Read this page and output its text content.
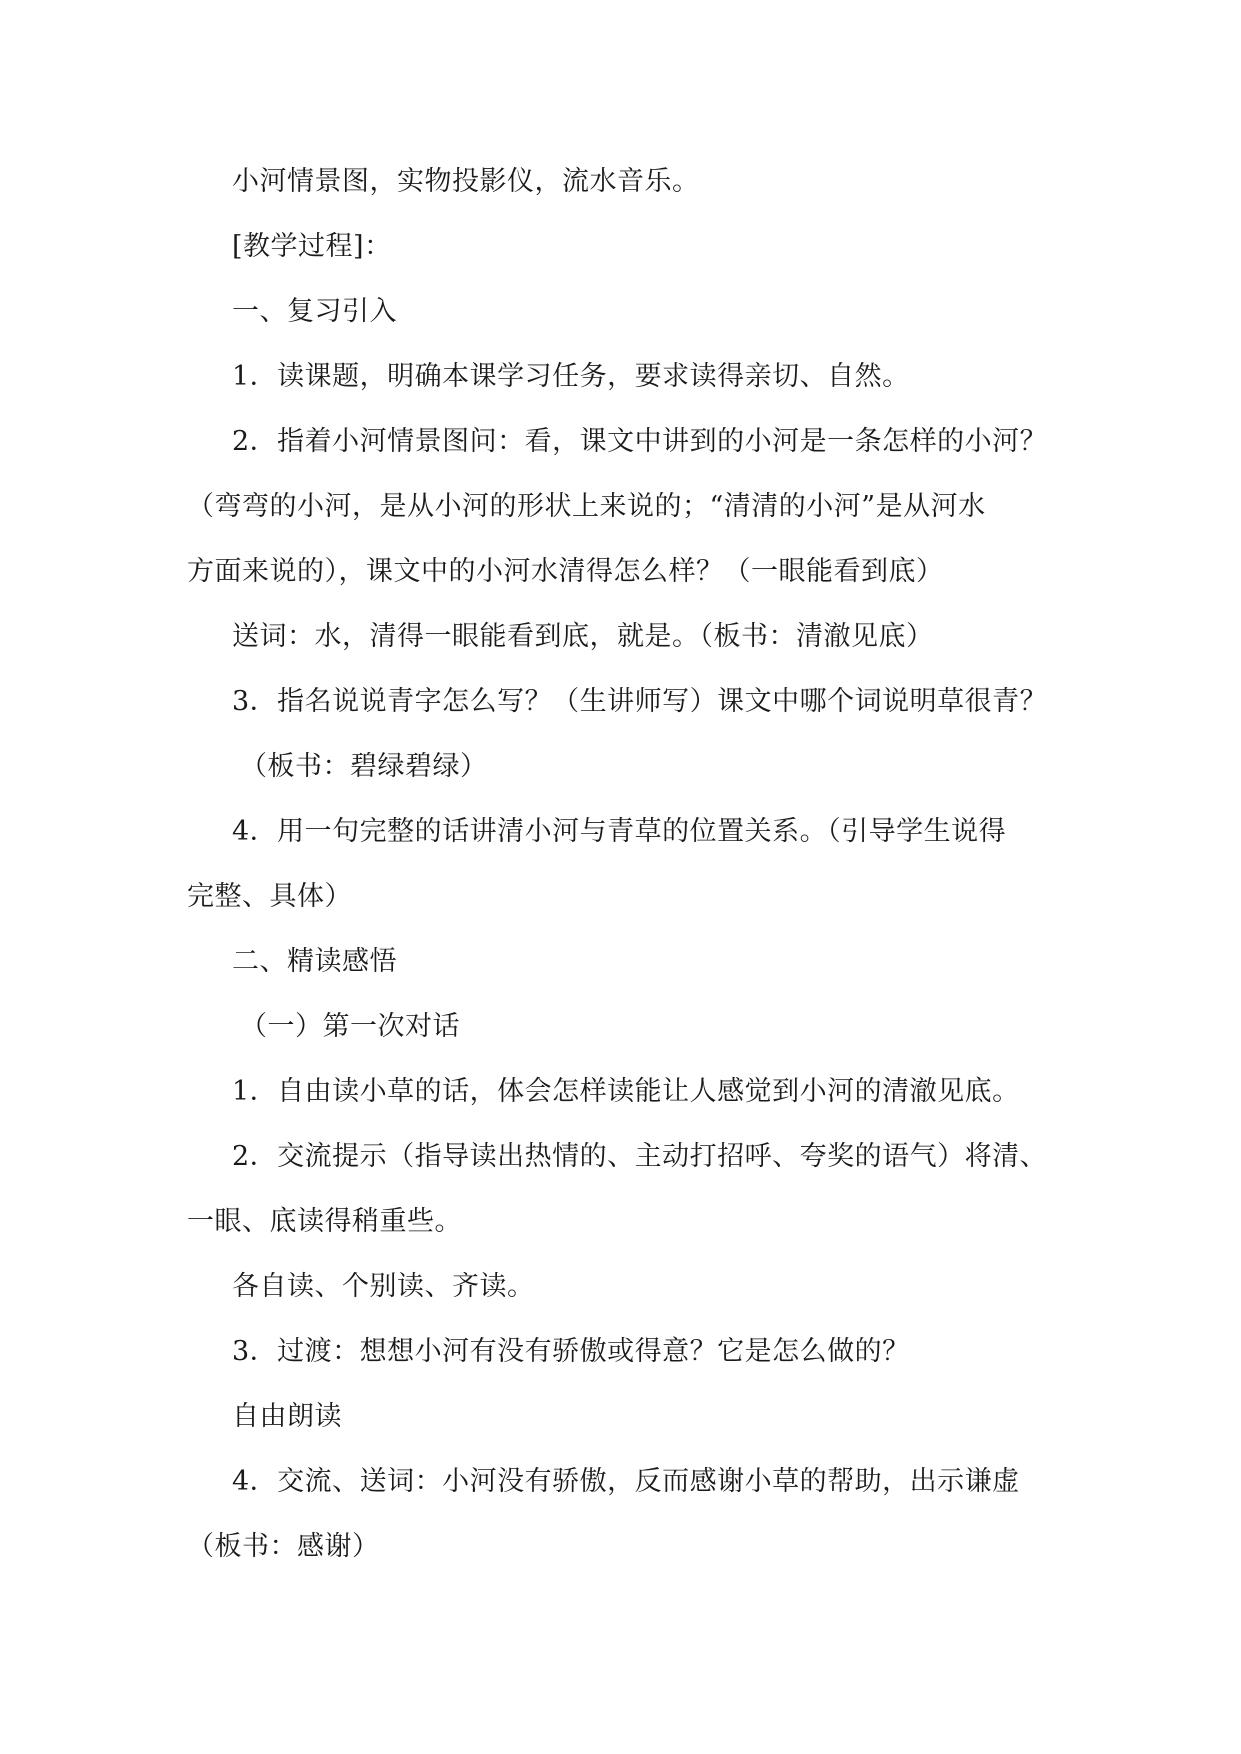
小河情景图，实物投影仪，流水音乐。
[教学过程]：
一、复习引入
1．读课题，明确本课学习任务，要求读得亲切、自然。
2．指着小河情景图问：看，课文中讲到的小河是一条怎样的小河？
（弯弯的小河，是从小河的形状上来说的；“清清的小河”是从河水
方面来说的），课文中的小河水清得怎么样？（一眼能看到底）
送词：水，清得一眼能看到底，就是。（板书：清澈见底）
3．指名说说青字怎么写？（生讲师写）课文中哪个词说明草很青？
（板书：碧绿碧绿）
4．用一句完整的话讲清小河与青草的位置关系。（引导学生说得
完整、具体）
二、精读感悟
（一）第一次对话
1．自由读小草的话，体会怎样读能让人感觉到小河的清澈见底。
2．交流提示（指导读出热情的、主动打招呼、夸奖的语气）将清、
一眼、底读得稍重些。
各自读、个别读、齐读。
3．过渡：想想小河有没有骄傲或得意？它是怎么做的？
自由朗读
4．交流、送词：小河没有骄傲，反而感谢小草的帮助，出示谦虚
（板书：感谢）
